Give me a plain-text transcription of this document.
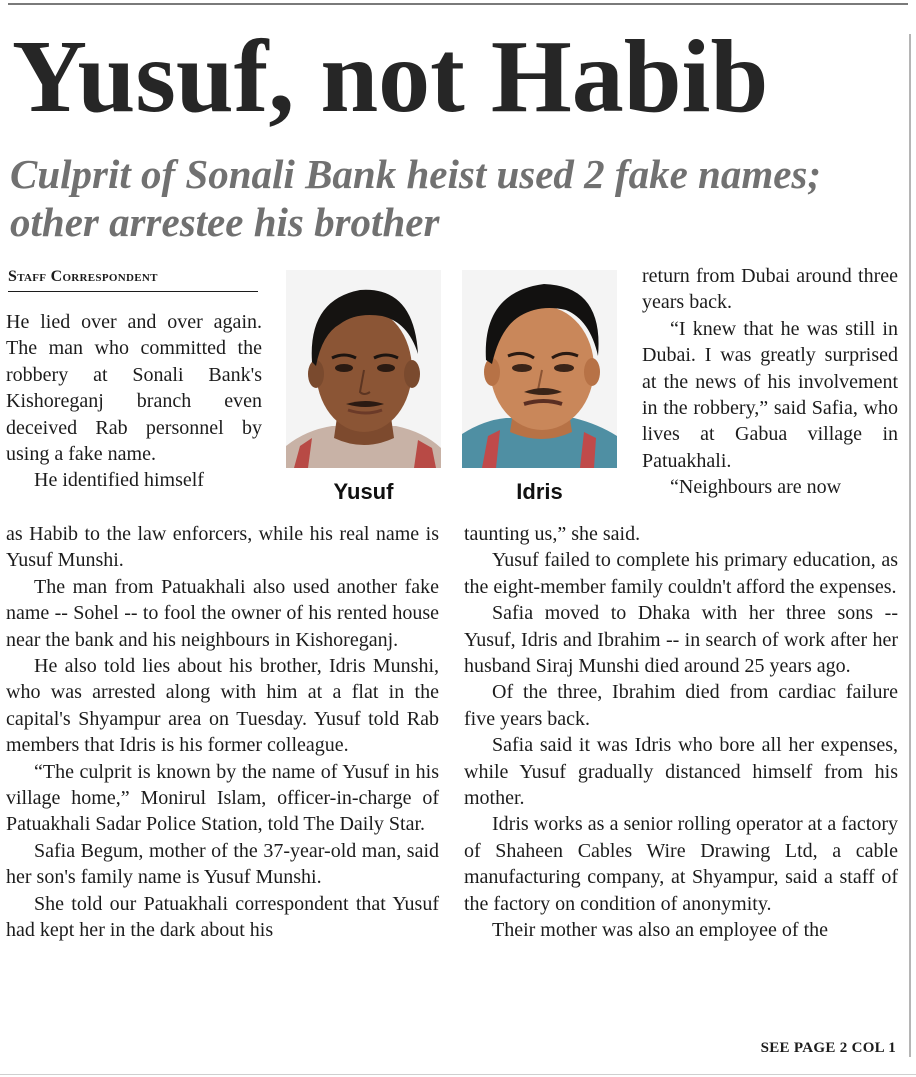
Yusuf, not Habib
Culprit of Sonali Bank heist used 2 fake names; other arrestee his brother
Staff Correspondent
Yusuf	Idris

He lied over and over again. The man who committed the robbery at Sonali Bank's Kishoreganj branch even deceived Rab personnel by using a fake name.

He identified himself

as Habib to the law enforcers, while his real name is Yusuf Munshi.

The man from Patuakhali also used another fake name -- Sohel -- to fool the owner of his rented house near the bank and his neighbours in Kishoreganj.

He also told lies about his brother, Idris Munshi, who was arrested along with him at a flat in the capital's Shyampur area on Tuesday. Yusuf told Rab members that Idris is his former colleague.

“The culprit is known by the name of Yusuf in his village home,” Monirul Islam, officer-in-charge of Patuakhali Sadar Police Station, told The Daily Star.

Safia Begum, mother of the 37-year-old man, said her son's family name is Yusuf Munshi.

She told our Patuakhali correspondent that Yusuf had kept her in the dark about his

return from Dubai around three years back.

“I knew that he was still in Dubai. I was greatly surprised at the news of his involvement in the robbery,” said Safia, who lives at Gabua village in Patuakhali.

“Neighbours are now

taunting us,” she said.

Yusuf failed to complete his primary education, as the eight-member family couldn't afford the expenses.

Safia moved to Dhaka with her three sons -- Yusuf, Idris and Ibrahim -- in search of work after her husband Siraj Munshi died around 25 years ago.

Of the three, Ibrahim died from cardiac failure five years back.

Safia said it was Idris who bore all her expenses, while Yusuf gradually distanced himself from his mother.

Idris works as a senior rolling operator at a factory of Shaheen Cables Wire Drawing Ltd, a cable manufacturing company, at Shyampur, said a staff of the factory on condition of anonymity.

Their mother was also an employee of the

SEE PAGE 2 COL 1
